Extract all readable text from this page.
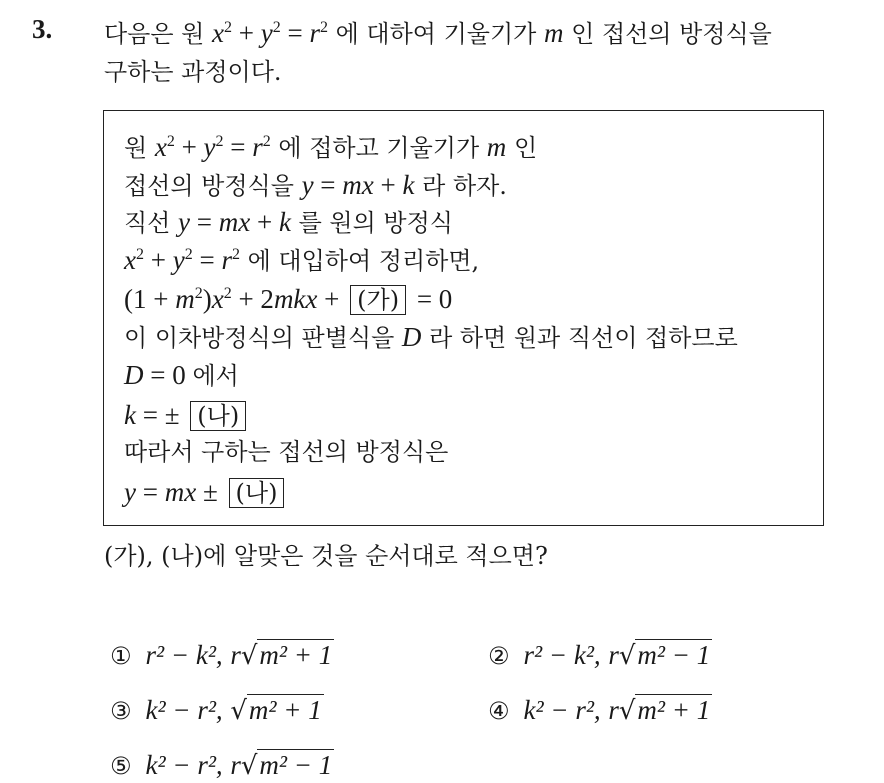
3. 다음은 원 $x^2 + y^2 = r^2$ 에 대하여 기울기가 m 인 접선의 방정식을
구하는 과정이다.
원 $x^2 + y^2 = r^2$ 에 접하고 기울기가 m 인
접선의 방정식을 y = mx + k 라 하자.
직선 y = mx + k 를 원의 방정식
$x^2 + y^2 = r^2$ 에 대입하여 정리하면,
$(1 + m^2)x^2 + 2mkx$ + (가) = 0
이 이차방정식의 판별식을 D 라 하면 원과 직선이 접하므로
D = 0 에서
k = ± (나)
따라서 구하는 접선의 방정식은
y = mx ± (나)
(가), (나)에 알맞은 것을 순서대로 적으면?
① r² − k², r√m² + 1	② r² − k², r√m² − 1
③ k² − r², √m² + 1	④ k² − r², r√m² + 1
⑤ k² − r², r√m² − 1
